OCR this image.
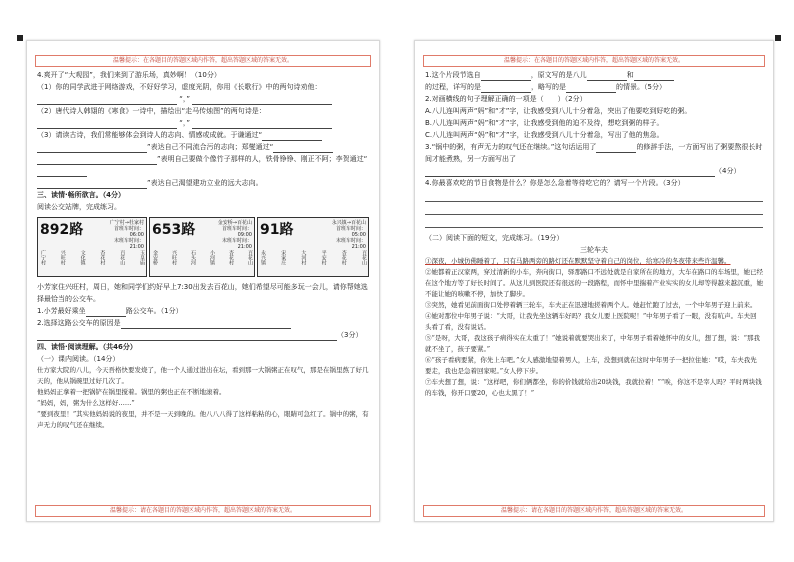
温馨提示：在各题目的答题区域内作答，超出答题区域的答案无效。

4.爽开了“大观园”，我们来到了游乐场，真妙啊！（10分）

（1）你的同学武进于网络游戏，不好好学习，虚度光阴，你用《长歌行》中的两句诗劝他：

“，”

（2）唐代诗人韩翃的《寒食》一诗中，描绘出“走马传烛图”的两句诗是：

“，”

（3）请读古诗，我们常能够体会到诗人的志向、情感或成就。于谦通过“

”表达自己不同流合污的志向；郑燮通过“

”表明自己要做个像竹子那样的人，铁骨铮铮、刚正不阿；李贺通过“

”表达自己渴望建功立业的远大志向。

三、读情·畅所欲言。（4分）

阅读公交站牌，完成练习。

892路	广宁村→杜家村
首班车时间：06:00
末班车时间：21:00
广宁村	兴旺村	文化镇	杏花村	百花山	玉皇庙
653路	金安桥→百花山
首班车时间：09:00
末班车时间：21:00
金安桥	兴旺村	石头河	小河镇	杏花村	百花山
91路	永兴镇→百花山
首班车时间：05:00
末班车时间：21:00
永兴镇	宋家庄	大河村	平安村	杏花村	百花山

小芳家住兴旺村，周日，她和同学们约好早上7:30出发去百花山，她们希望尽可能多玩一会儿，请你帮她选择最恰当的公交车。

1.小芳最好乘坐	路公交车。（1分）

2.选择这路公交车的原因是

（3分）

四、读悟·阅读理解。（共46分）

（一）课内阅读。（14分）

仕方家大院的八儿，今天吾格快要发烧了，他一个人通过进出在坛，看到那一大锅粥正在叹气，那是在锅里熬了好几天的，他从锅碗里过好几次了。

他妈妈正拿着一把锅铲在锅里搅着。锅里的粥也正在不断地滚着。

“妈妈，妈，粥为什么这样好……”

“要到夜里！”其实他妈妈说的夜里，并不是一天到晚的。他八八八得了这样粘粘的心，眼睛可急红了。锅中的粥，有声无力的叹气还在继续。

温馨提示：请在各题目的答题区域内作答，超出答题区域的答案无效。
温馨提示：在各题目的答题区域内作答，超出答题区域的答案无效。

1.这个片段节选自	，原文写的是八儿	和

的过程，详写的是	，略写的是	的情景。（5分）

2.对画横线的句子理解正确的一项是（　　）（2分）

A.八儿连叫两声“妈”和“才”字，让我感受到八儿十分着急，突出了他要吃到好吃的粥。

B.八儿连叫两声“妈”和“才”字，让我感受到他的迫不及待，想吃到粥的样子。

C.八儿连叫两声“妈”和“才”字，让我感受到八儿十分着急，写出了他的焦急。

3.“锅中的粥，有声无力的叹气还在继续。”这句话运用了	的修辞手法，一方面写出了粥要熬很长时间才能煮熟，另一方面写出了

（4分）

4.你最喜欢吃的节日食物是什么？你是怎么急着等待吃它的？请写一个片段。（3分）

（二）阅读下面的短文，完成练习。（19分）

三轮车夫

①深夜，小城仿佛睡着了，只有马路两旁的路灯还在默默坚守着自己的岗位，给寒冷的冬夜带来些许温馨。

②她都着正汉家两，穿过清新的小车，奔向街口，驿那路口不远处就是自家所在的地方，大车在路口的车场里，她已经在这个地方等了好长时间了。从这儿到医院还有很远的一段路程，而怀中里揣着产业实实的女儿却等得越来越沉重，她不能让她的咳嗽不停，加快了脚步。

③突然，她看见前面街口处停着辆三轮车，车夫正在迅速地搓着两个人。她赶忙跑了过去，一个中年男子迎上前来。

④她对那位中年男子说：“大哥，让我先坐这辆车好吗？我女儿要上医院呢！”中年男子看了一眼，没有吭声。车夫回头看了看，没有说话。

⑤“是呀，大哥，我这孩子病得实在太重了！”她说着就要哭出来了，中年男子看着她怀中的女儿，想了想，说：“那我就不坐了，孩子要紧。”

⑥“孩子看病要紧，你先上车吧。”女人感激地望着男人，上车，没想到就在这时中年男子一把拉住她：“哎，车夫我先要走，我也是急着回家呢。”女人停下步。

⑦车夫想了想，说：“这样吧，你们俩都坐，你的价钱就给出20块钱，我就拉着！”“唉，你这不是宰人吗？平时两块钱的车钱，你开口要20，心也太黑了！”

温馨提示：请在各题目的答题区域内作答，超出答题区域的答案无效。
